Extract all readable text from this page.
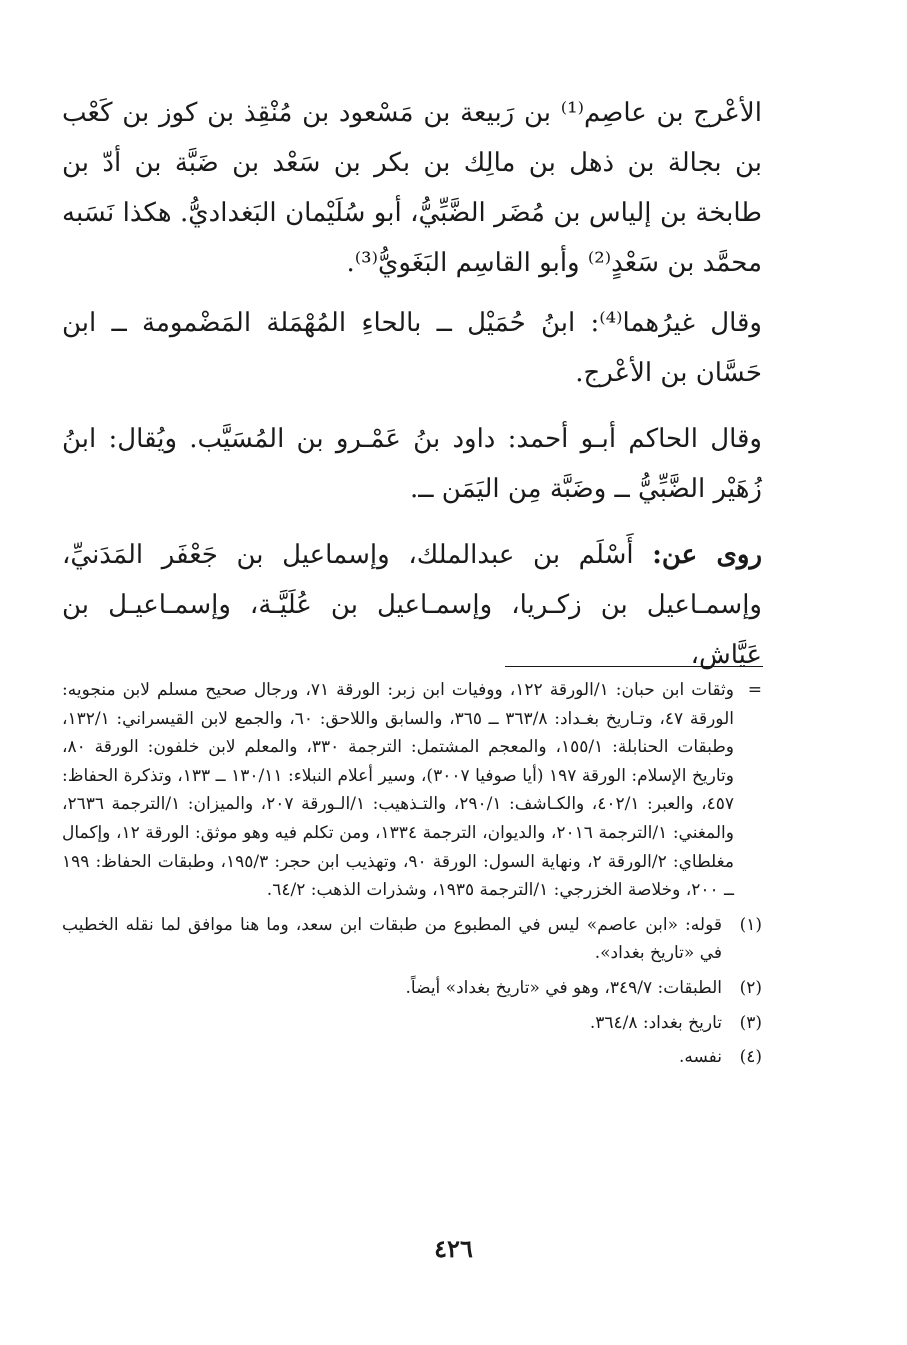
الأعْرج بن عاصِم⁽¹⁾ بن رَبيعة بن مَسْعود بن مُنْقِذ بن كوز بن كَعْب بن بجالة بن ذهل بن مالِك بن بكر بن سَعْد بن ضَبَّة بن أدّ بن طابخة بن إلياس بن مُضَر الضَّبِّيُّ، أبو سُلَيْمان البَغداديُّ. هكذا نَسَبه محمَّد بن سَعْدٍ⁽²⁾ وأبو القاسِم البَغَويُّ⁽³⁾.

وقال غيرُهما⁽⁴⁾: ابنُ حُمَيْل ــ بالحاءِ المُهْمَلة المَضْمومة ــ ابن حَسَّان بن الأعْرج.

وقال الحاكم أبـو أحمد: داود بنُ عَمْـرو بن المُسَيَّب. ويُقال: ابنُ زُهَيْر الضَّبِّيُّ ــ وضَبَّة مِن اليَمَن ــ.

روى عن: أَسْلَم بن عبدالملك، وإسماعيل بن جَعْفَر المَدَنيِّ، وإسمـاعيل بن زكـريا، وإسمـاعيل بن عُلَيَّـة، وإسمـاعيـل بن عَيَّاش،

=
وثقات ابن حبان: ١/الورقة ١٢٢، ووفيات ابن زبر: الورقة ٧١، ورجال صحيح مسلم لابن منجويه: الورقة ٤٧، وتـاريخ بغـداد: ٣٦٣/٨ ــ ٣٦٥، والسابق واللاحق: ٦٠، والجمع لابن القيسراني: ١٣٢/١، وطبقات الحنابلة: ١٥٥/١، والمعجم المشتمل: الترجمة ٣٣٠، والمعلم لابن خلفون: الورقة ٨٠، وتاريخ الإسلام: الورقة ١٩٧ (أيا صوفيا ٣٠٠٧)، وسير أعلام النبلاء: ١٣٠/١١ ــ ١٣٣، وتذكرة الحفاظ: ٤٥٧، والعبر: ٤٠٢/١، والكـاشف: ٢٩٠/١، والتـذهيب: ١/الـورقة ٢٠٧، والميزان: ١/الترجمة ٢٦٣٦، والمغني: ١/الترجمة ٢٠١٦، والديوان، الترجمة ١٣٣٤، ومن تكلم فيه وهو موثق: الورقة ١٢، وإكمال مغلطاي: ٢/الورقة ٢، ونهاية السول: الورقة ٩٠، وتهذيب ابن حجر: ١٩٥/٣، وطبقات الحفاظ: ١٩٩ ــ ٢٠٠، وخلاصة الخزرجي: ١/الترجمة ١٩٣٥، وشذرات الذهب: ٦٤/٢.

(١)
قوله: «ابن عاصم» ليس في المطبوع من طبقات ابن سعد، وما هنا موافق لما نقله الخطيب في «تاريخ بغداد».

(٢)
الطبقات: ٣٤٩/٧، وهو في «تاريخ بغداد» أيضاً.

(٣)
تاريخ بغداد: ٣٦٤/٨.

(٤)
نفسه.

٤٢٦
